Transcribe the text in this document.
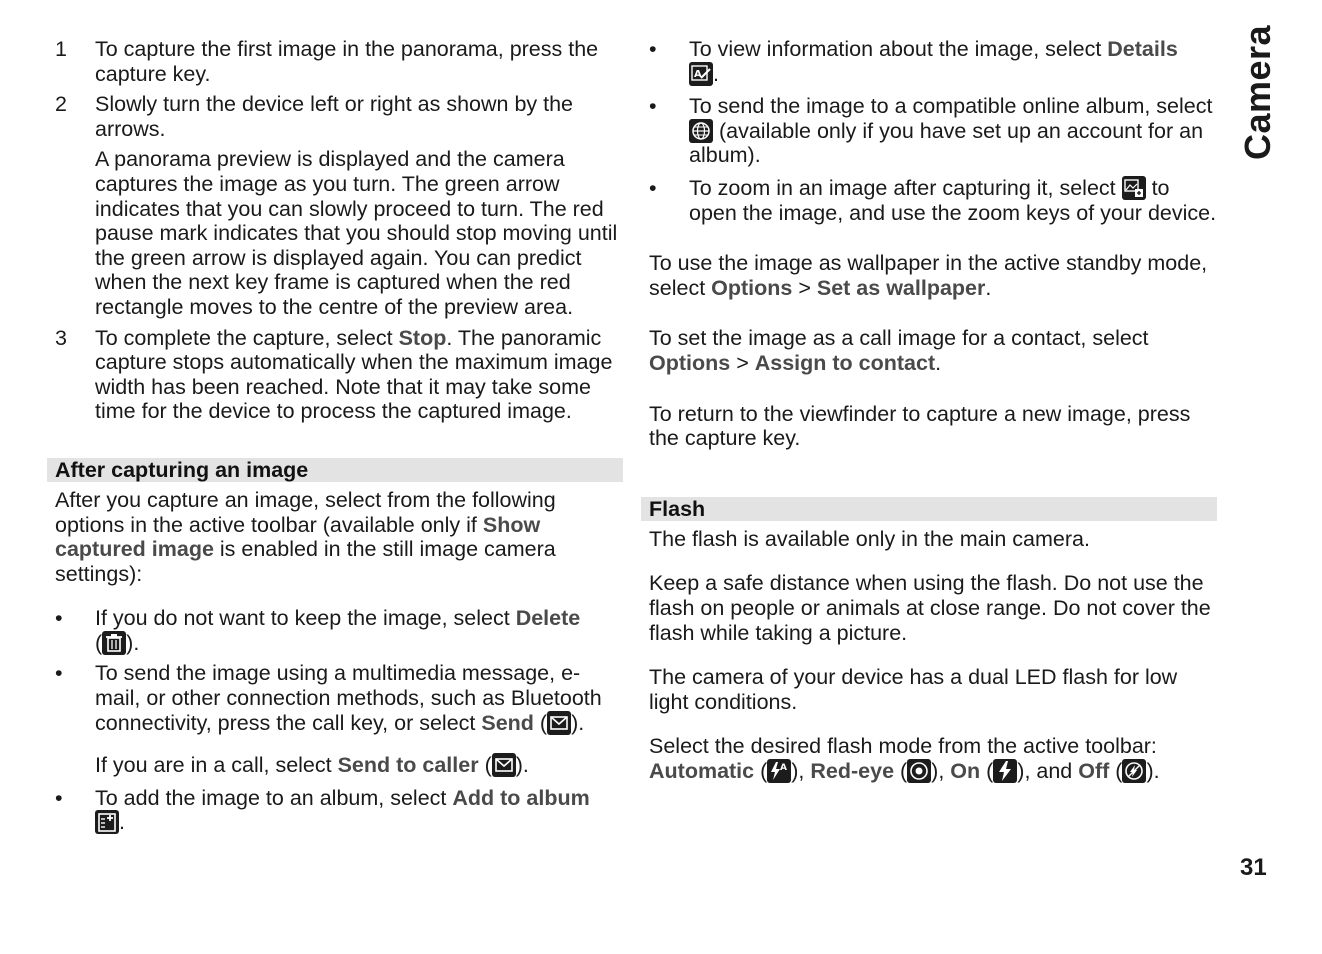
1	To capture the first image in the panorama, press the capture key.

2	Slowly turn the device left or right as shown by the arrows.

A panorama preview is displayed and the camera captures the image as you turn. The green arrow indicates that you can slowly proceed to turn. The red pause mark indicates that you should stop moving until the green arrow is displayed again. You can predict when the next key frame is captured when the red rectangle moves to the centre of the preview area.

3	To complete the capture, select Stop. The panoramic capture stops automatically when the maximum image width has been reached. Note that it may take some time for the device to process the captured image.

After capturing an image

After you capture an image, select from the following options in the active toolbar (available only if Show captured image is enabled in the still image camera settings):

• If you do not want to keep the image, select Delete
( ).

• To send the image using a multimedia message, e-mail, or other connection methods, such as Bluetooth connectivity, press the call key, or select Send ( ).

If you are in a call, select Send to caller ( ).

• To add the image to an album, select Add to album

.

• To view information about the image, select Details

A .

• To send the image to a compatible online album, select
(available only if you have set up an account for an album).

• To zoom in an image after capturing it, select
to open the image, and use the zoom keys of your device.

To use the image as wallpaper in the active standby mode, select Options > Set as wallpaper.

To set the image as a call image for a contact, select Options > Assign to contact.

To return to the viewfinder to capture a new image, press the capture key.

Flash

The flash is available only in the main camera.

Keep a safe distance when using the flash. Do not use the flash on people or animals at close range. Do not cover the flash while taking a picture.

The camera of your device has a dual LED flash for low light conditions.

Select the desired flash mode from the active toolbar:
Automatic ( A ), Red-eye ( ), On ( ), and Off ( ).

Camera
31
